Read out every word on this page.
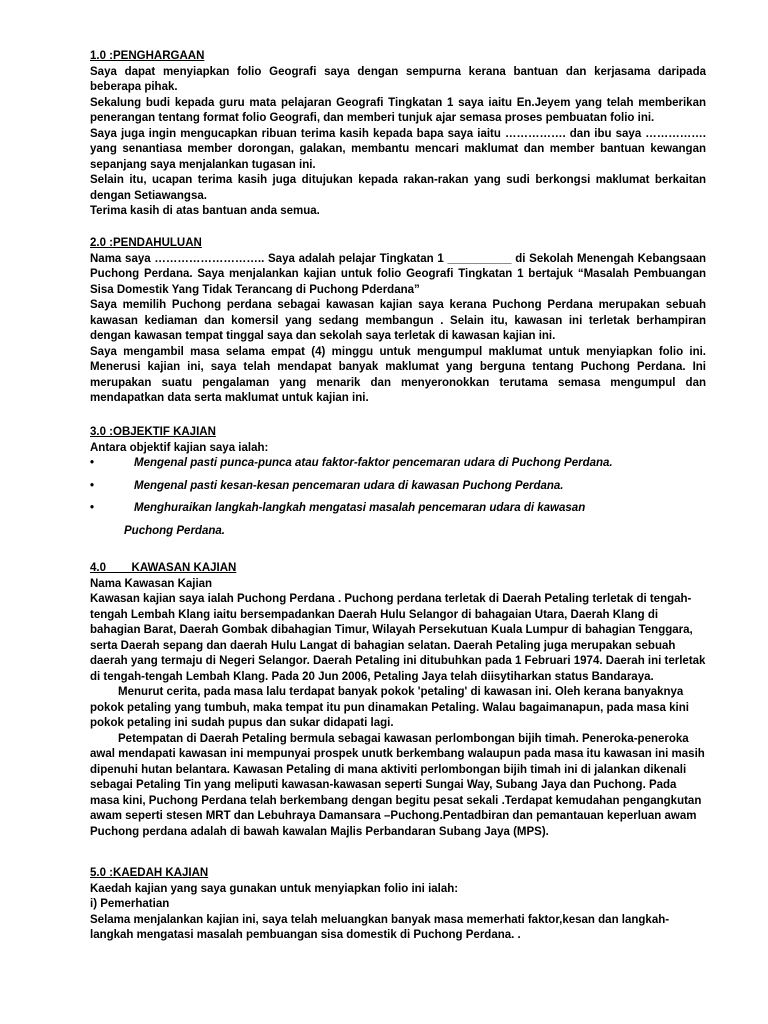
1.0 :PENGHARGAAN
Saya dapat menyiapkan folio Geografi saya dengan sempurna kerana bantuan dan kerjasama daripada beberapa pihak.
Sekalung budi kepada guru mata pelajaran Geografi Tingkatan 1 saya iaitu En.Jeyem yang telah memberikan penerangan tentang format folio Geografi, dan memberi tunjuk ajar semasa proses pembuatan folio ini.
Saya juga ingin mengucapkan ribuan terima kasih kepada bapa saya iaitu ……………. dan ibu saya ……………. yang senantiasa member dorongan, galakan, membantu mencari maklumat dan member bantuan kewangan sepanjang saya menjalankan tugasan ini.
Selain itu, ucapan terima kasih juga ditujukan kepada rakan-rakan yang sudi berkongsi maklumat berkaitan dengan Setiawangsa.
Terima kasih di atas bantuan anda semua.
2.0 :PENDAHULUAN
Nama saya ……………………….. Saya adalah pelajar Tingkatan 1 __________ di Sekolah Menengah Kebangsaan Puchong Perdana. Saya menjalankan kajian untuk folio Geografi Tingkatan 1 bertajuk “Masalah Pembuangan Sisa Domestik Yang Tidak Terancang di Puchong Pderdana”
Saya memilih Puchong perdana sebagai kawasan kajian saya kerana Puchong Perdana merupakan sebuah kawasan kediaman dan komersil yang sedang membangun . Selain itu, kawasan ini terletak berhampiran dengan kawasan tempat tinggal saya dan sekolah saya terletak di kawasan kajian ini.
Saya mengambil masa selama empat (4) minggu untuk mengumpul maklumat untuk menyiapkan folio ini. Menerusi kajian ini, saya telah mendapat banyak maklumat yang berguna tentang Puchong Perdana. Ini merupakan suatu pengalaman yang menarik dan menyeronokkan terutama semasa mengumpul dan mendapatkan data serta maklumat untuk kajian ini.
3.0 :OBJEKTIF KAJIAN
Antara objektif kajian saya ialah:
•	Mengenal pasti punca-punca atau faktor-faktor pencemaran udara di Puchong Perdana.
•	Mengenal pasti kesan-kesan pencemaran udara di kawasan Puchong Perdana.
•	Menghuraikan langkah-langkah mengatasi masalah pencemaran udara di kawasan
Puchong Perdana.
4.0        KAWASAN KAJIAN
Nama Kawasan Kajian
Kawasan kajian saya ialah Puchong Perdana . Puchong perdana terletak di Daerah Petaling terletak di tengah-tengah Lembah Klang iaitu bersempadankan Daerah Hulu Selangor di bahagaian Utara, Daerah Klang di bahagian Barat, Daerah Gombak dibahagian Timur, Wilayah Persekutuan Kuala Lumpur di bahagian Tenggara, serta Daerah sepang dan daerah Hulu Langat di bahagian selatan. Daerah Petaling juga merupakan sebuah daerah yang termaju di Negeri Selangor. Daerah Petaling ini ditubuhkan pada 1 Februari 1974. Daerah ini terletak di tengah-tengah Lembah Klang. Pada 20 Jun 2006, Petaling Jaya telah diisytiharkan status Bandaraya.
Menurut cerita, pada masa lalu terdapat banyak pokok 'petaling' di kawasan ini. Oleh kerana banyaknya pokok petaling yang tumbuh, maka tempat itu pun dinamakan Petaling. Walau bagaimanapun, pada masa kini pokok petaling ini sudah pupus dan sukar didapati lagi.
Petempatan di Daerah Petaling bermula sebagai kawasan perlombongan bijih timah. Peneroka-peneroka awal mendapati kawasan ini mempunyai prospek unutk berkembang walaupun pada masa itu kawasan ini masih dipenuhi hutan belantara. Kawasan Petaling di mana aktiviti perlombongan bijih timah ini di jalankan dikenali sebagai Petaling Tin yang meliputi kawasan-kawasan seperti Sungai Way, Subang Jaya dan Puchong. Pada masa kini, Puchong Perdana telah berkembang dengan begitu pesat sekali .Terdapat kemudahan pengangkutan awam seperti stesen MRT dan Lebuhraya Damansara –Puchong.Pentadbiran dan pemantauan keperluan awam Puchong perdana adalah di bawah kawalan Majlis Perbandaran Subang Jaya (MPS).
5.0 :KAEDAH KAJIAN
Kaedah kajian yang saya gunakan untuk menyiapkan folio ini ialah:
i) Pemerhatian
Selama menjalankan kajian ini, saya telah meluangkan banyak masa memerhati faktor,kesan dan langkah-langkah mengatasi masalah pembuangan sisa domestik di Puchong Perdana. .
